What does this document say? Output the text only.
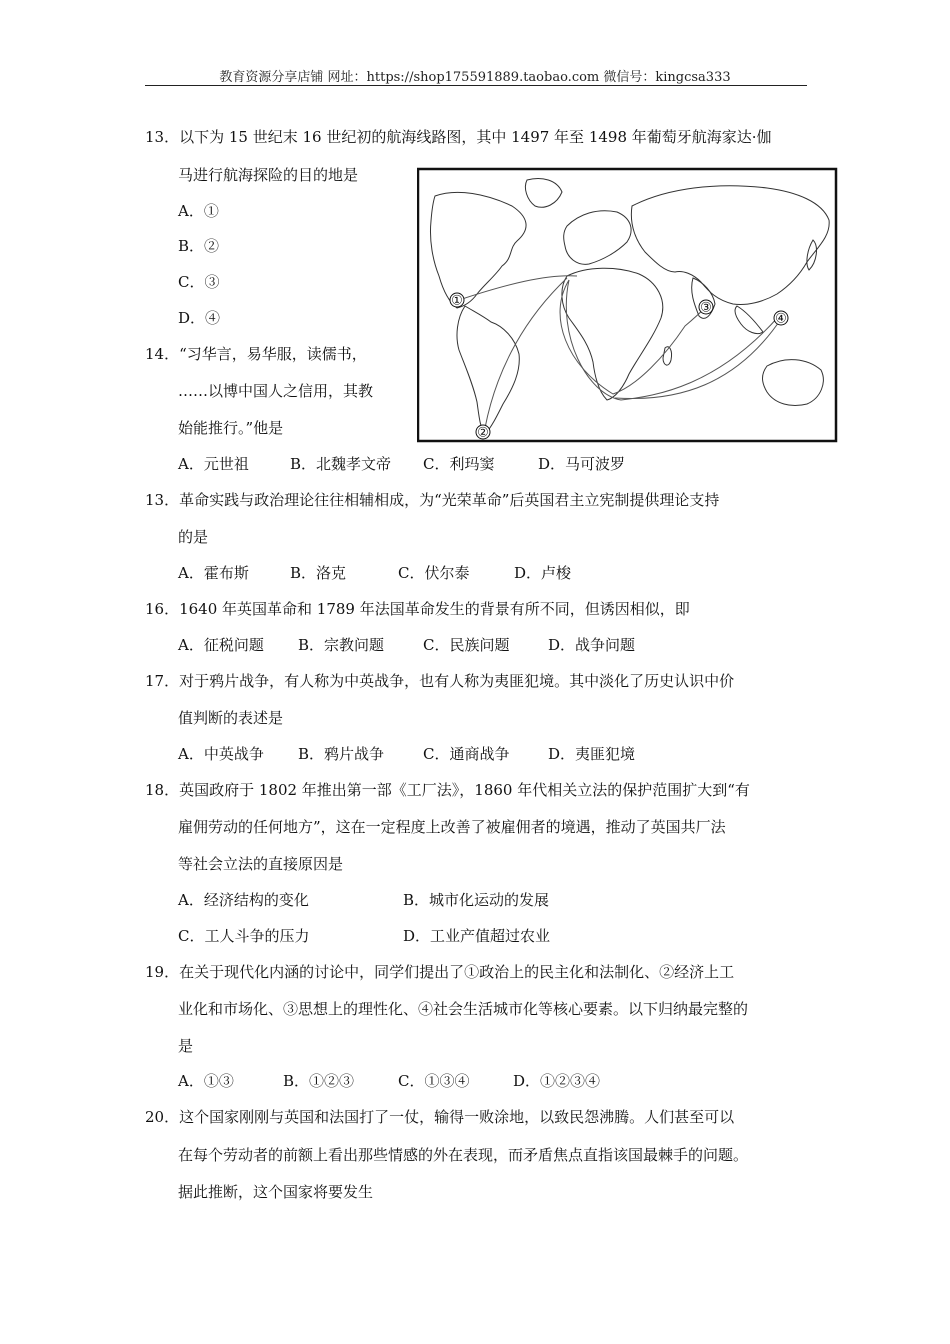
教育资源分享店铺 网址：https://shop175591889.taobao.com 微信号：kingcsa333
13．以下为 15 世纪末 16 世纪初的航海线路图，其中 1497 年至 1498 年葡萄牙航海家达·伽
马进行航海探险的目的地是
A．①
B．②
C．③
D．④
①
②
③
④
14．“习华言，易华服，读儒书，
……以博中国人之信用，其教
始能推行。”他是
A．元世祖	B．北魏孝文帝 C．利玛窦	D．马可波罗
13．革命实践与政治理论往往相辅相成，为“光荣革命”后英国君主立宪制提供理论支持
的是
A．霍布斯	B．洛克	C．伏尔泰	D．卢梭
16．1640 年英国革命和 1789 年法国革命发生的背景有所不同，但诱因相似，即
A．征税问题 B．宗教问题	C．民族问题	D．战争问题
17．对于鸦片战争，有人称为中英战争，也有人称为夷匪犯境。其中淡化了历史认识中价
值判断的表述是
A．中英战争 B．鸦片战争	C．通商战争	D．夷匪犯境
18．英国政府于 1802 年推出第一部《工厂法》，1860 年代相关立法的保护范围扩大到“有
雇佣劳动的任何地方”，这在一定程度上改善了被雇佣者的境遇，推动了英国共厂法
等社会立法的直接原因是
A．经济结构的变化	B．城市化运动的发展
C．工人斗争的压力	D．工业产值超过农业
19．在关于现代化内涵的讨论中，同学们提出了①政治上的民主化和法制化、②经济上工
业化和市场化、③思想上的理性化、④社会生活城市化等核心要素。以下归纳最完整的
是
A．①③	B．①②③	C．①③④	D．①②③④
20．这个国家刚刚与英国和法国打了一仗，输得一败涂地，以致民怨沸腾。人们甚至可以
在每个劳动者的前额上看出那些情感的外在表现，而矛盾焦点直指该国最棘手的问题。
据此推断，这个国家将要发生
